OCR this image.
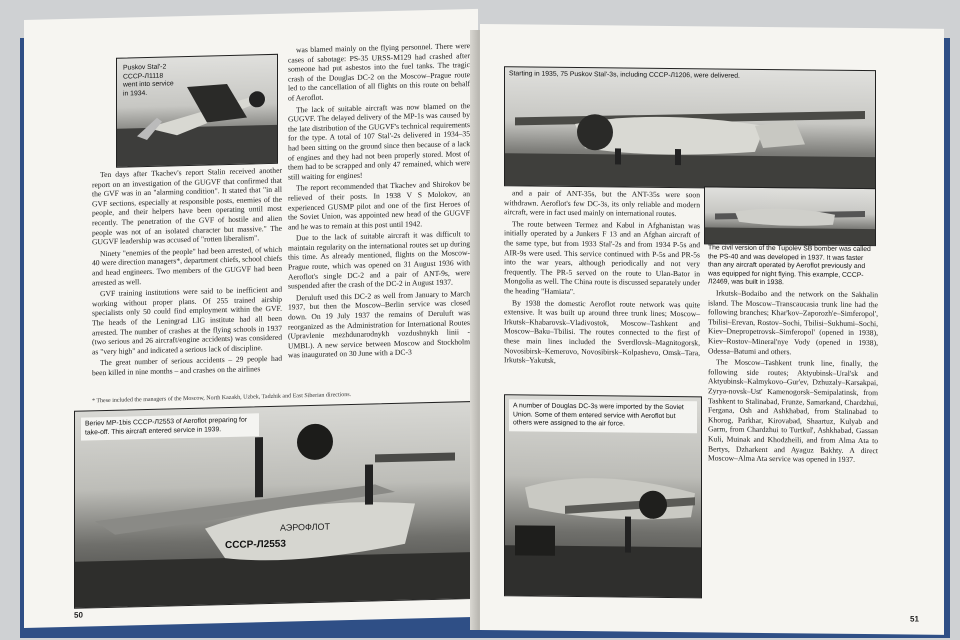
Puskov Stal'-2 CCCP-Л1118 went into service in 1934.

Ten days after Tkachev's report Stalin received another report on an investigation of the GUGVF that confirmed that the GVF was in an "alarming condition". It stated that "in all GVF sections, especially at responsible posts, enemies of the people, and their helpers have been operating until most recently. The penetration of the GVF of hostile and alien people was not of an isolated character but massive." The GUGVF leadership was accused of "rotten liberalism".

Ninety "enemies of the people" had been arrested, of which 40 were direction managers*, department chiefs, school chiefs and head engineers. Two members of the GUGVF had been arrested as well.

GVF training institutions were said to be inefficient and working without proper plans. Of 255 trained airship specialists only 50 could find employment within the GVF. The heads of the Leningrad LIG institute had all been arrested. The number of crashes at the flying schools in 1937 (two serious and 26 aircraft/engine accidents) was considered as "very high" and indicated a serious lack of discipline.

The great number of serious accidents – 29 people had been killed in nine months – and crashes on the airlines

was blamed mainly on the flying personnel. There were cases of sabotage: PS-35 URSS-M129 had crashed after someone had put asbestos into the fuel tanks. The tragic crash of the Douglas DC-2 on the Moscow–Prague route led to the cancellation of all flights on this route on behalf of Aeroflot.

The lack of suitable aircraft was now blamed on the GUGVF. The delayed delivery of the MP-1s was caused by the late distribution of the GUGVF's technical requirements for the type. A total of 107 Stal'-2s delivered in 1934–35 had been sitting on the ground since then because of a lack of engines and they had not been properly stored. Most of them had to be scrapped and only 47 remained, which were still waiting for engines!

The report recommended that Tkachev and Shirokov be relieved of their posts. In 1938 V S Molokov, an experienced GUSMP pilot and one of the first Heroes of the Soviet Union, was appointed new head of the GUGVF and he was to remain at this post until 1942.

Due to the lack of suitable aircraft it was difficult to maintain regularity on the international routes set up during this time. As already mentioned, flights on the Moscow-Prague route, which was opened on 31 August 1936 with Aeroflot's single DC-2 and a pair of ANT-9s, were suspended after the crash of the DC-2 in August 1937.

Deruluft used this DC-2 as well from January to March 1937, but then the Moscow–Berlin service was closed down. On 19 July 1937 the remains of Deruluft was reorganized as the Administration for International Routes (Upravlenie mezhdunarodnykh vozdushnykh linii - UMBL). A new service between Moscow and Stockholm was inaugurated on 30 June with a DC-3

* These included the managers of the Moscow, North Kazakh, Uzbek, Tadzhik and East Siberian directions.
АЭРОФЛОТ
CCCP-Л2553
Beriev MP-1bis CCCP-Л2553 of Aeroflot preparing for take-off. This aircraft entered service in 1939.
50
Starting in 1935, 75 Puskov Stal'-3s, including CCCP-Л1206, were delivered.
The civil version of the Tupolev SB bomber was called the PS-40 and was developed in 1937. It was faster than any aircraft operated by Aeroflot previously and was equipped for night flying. This example, CCCP-Л2469, was built in 1938.

and a pair of ANT-35s, but the ANT-35s were soon withdrawn. Aeroflot's few DC-3s, its only reliable and modern aircraft, were in fact used mainly on international routes.

The route between Termez and Kabul in Afghanistan was initially operated by a Junkers F 13 and an Afghan aircraft of the same type, but from 1933 Stal'-2s and from 1934 P-5s and AIR-9s were used. This service continued with P-5s and PR-5s into the war years, although periodically and not very frequently. The PR-5 served on the route to Ulan-Bator in Mongolia as well. The China route is discussed separately under the heading "Hamiata".

By 1938 the domestic Aeroflot route network was quite extensive. It was built up around three trunk lines; Moscow–Irkutsk–Khabarovsk–Vladivostok, Moscow–Tashkent and Moscow–Baku–Tbilisi. The routes connected to the first of these main lines included the Sverdlovsk–Magnitogorsk, Novosibirsk–Kemerovo, Novosibirsk–Kolpashevo, Omsk–Tara, Irkutsk–Yakutsk,

Irkutsk–Bodaibo and the network on the Sakhalin island. The Moscow–Transcaucasia trunk line had the following branches; Khar'kov–Zaporozh'e–Simferopol', Tbilisi–Erevan, Rostov–Sochi, Tbilisi–Sukhumi–Sochi, Kiev–Dnepropetrovsk–Simferopol' (opened in 1938), Kiev–Rostov–Mineral'nye Vody (opened in 1938), Odessa–Batumi and others.

The Moscow–Tashkent trunk line, finally, the following side routes; Aktyubinsk–Ural'sk and Aktyubinsk–Kalmykovo–Gur'ev, Dzhuzaly–Karsakpai, Zyrya-novsk–Ust' Kamenogorsk–Semipalatinsk, from Tashkent to Stalinabad, Frunze, Samarkand, Chardzhui, Fergana, Osh and Ashkhabad, from Stalinabad to Khorog, Parkhar, Kirovabad, Shaartuz, Kulyab and Garm, from Chardzhui to Turtkul', Ashkhabad, Gassan Kuli, Muinak and Khodzheili, and from Alma Ata to Bertys, Dzharkent and Ayaguz Bakhty. A direct Moscow–Alma Ata service was opened in 1937.

A number of Douglas DC-3s were imported by the Soviet Union. Some of them entered service with Aeroflot but others were assigned to the air force.
51
